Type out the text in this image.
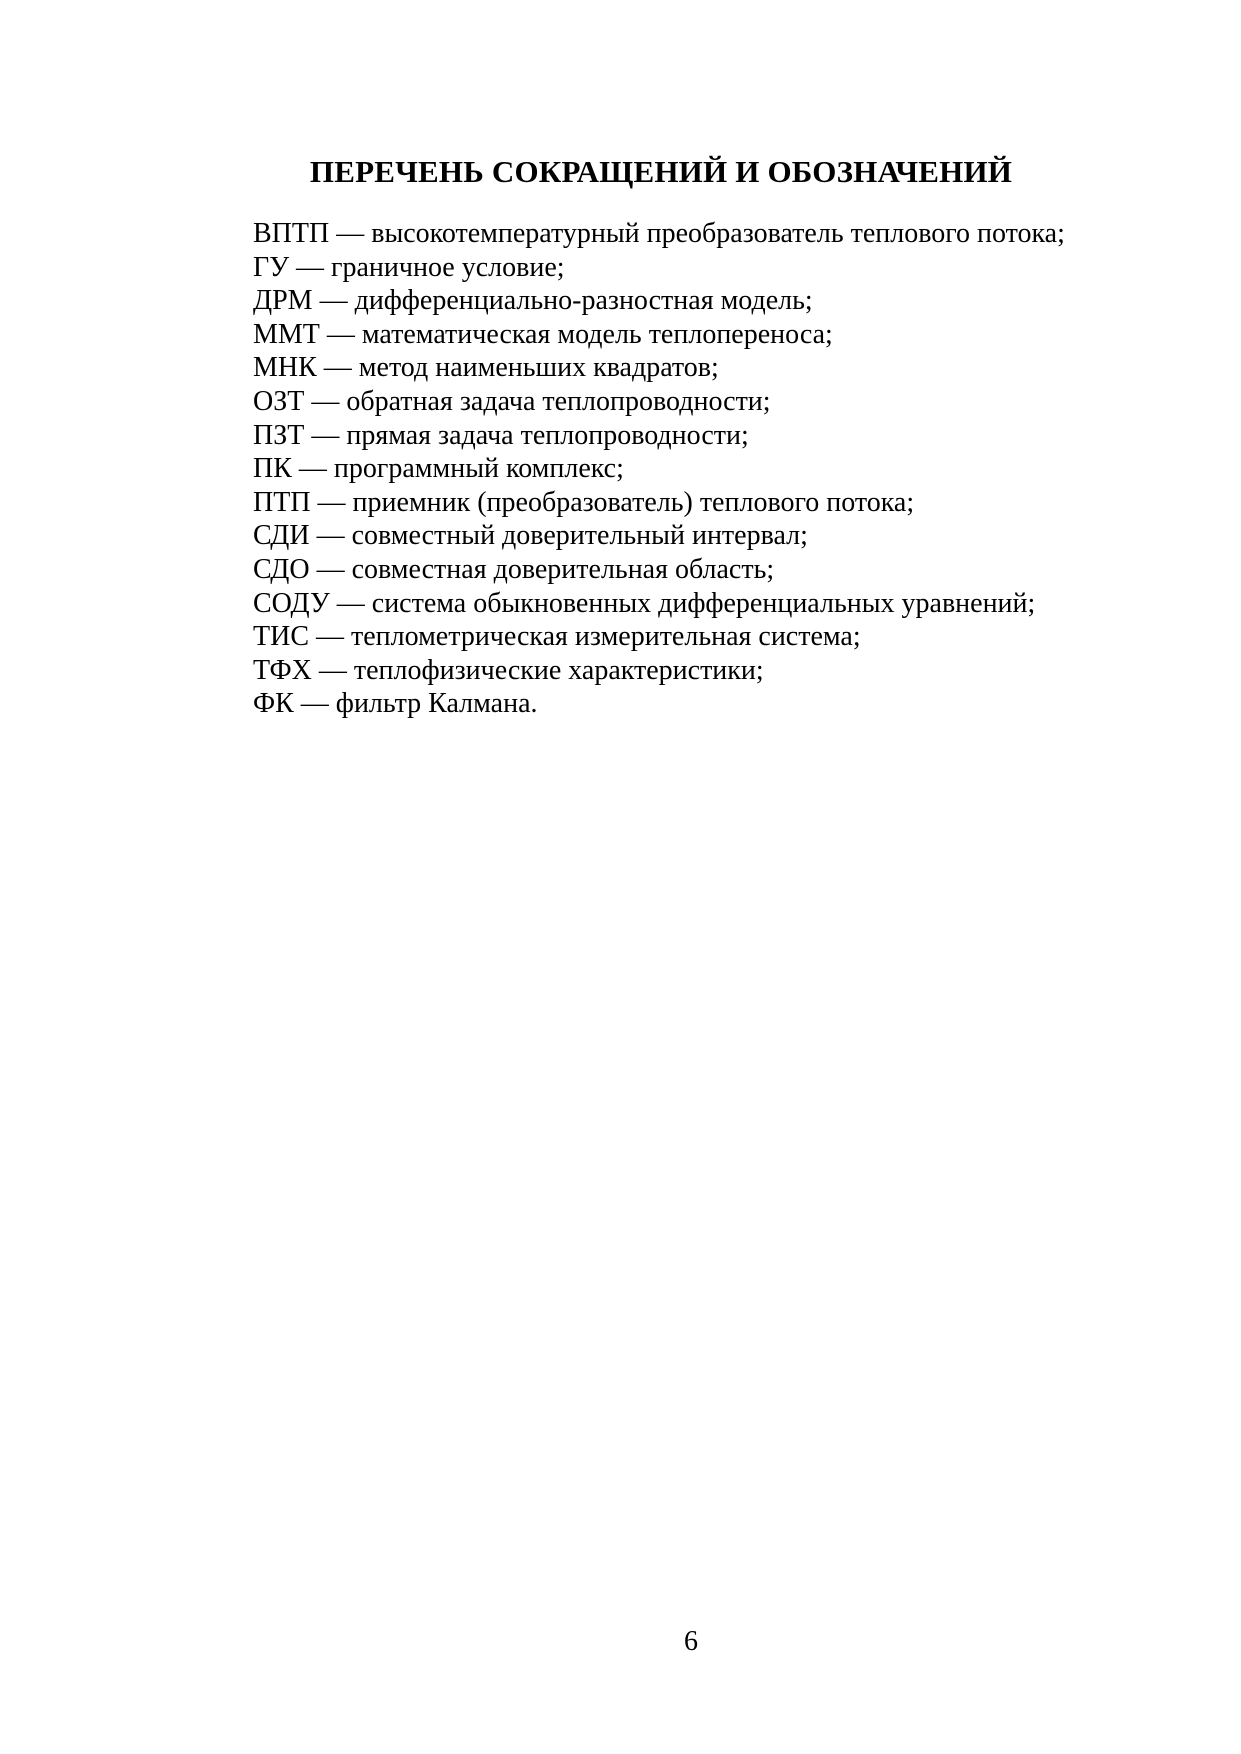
ПЕРЕЧЕНЬ СОКРАЩЕНИЙ И ОБОЗНАЧЕНИЙ
ВПТП — высокотемпературный преобразователь теплового потока;
ГУ — граничное условие;
ДРМ — дифференциально-разностная модель;
ММТ — математическая модель теплопереноса;
МНК — метод наименьших квадратов;
ОЗТ — обратная задача теплопроводности;
ПЗТ — прямая задача теплопроводности;
ПК — программный комплекс;
ПТП — приемник (преобразователь) теплового потока;
СДИ — совместный доверительный интервал;
СДО — совместная доверительная область;
СОДУ — система обыкновенных дифференциальных уравнений;
ТИС — теплометрическая измерительная система;
ТФХ — теплофизические характеристики;
ФК — фильтр Калмана.
6
